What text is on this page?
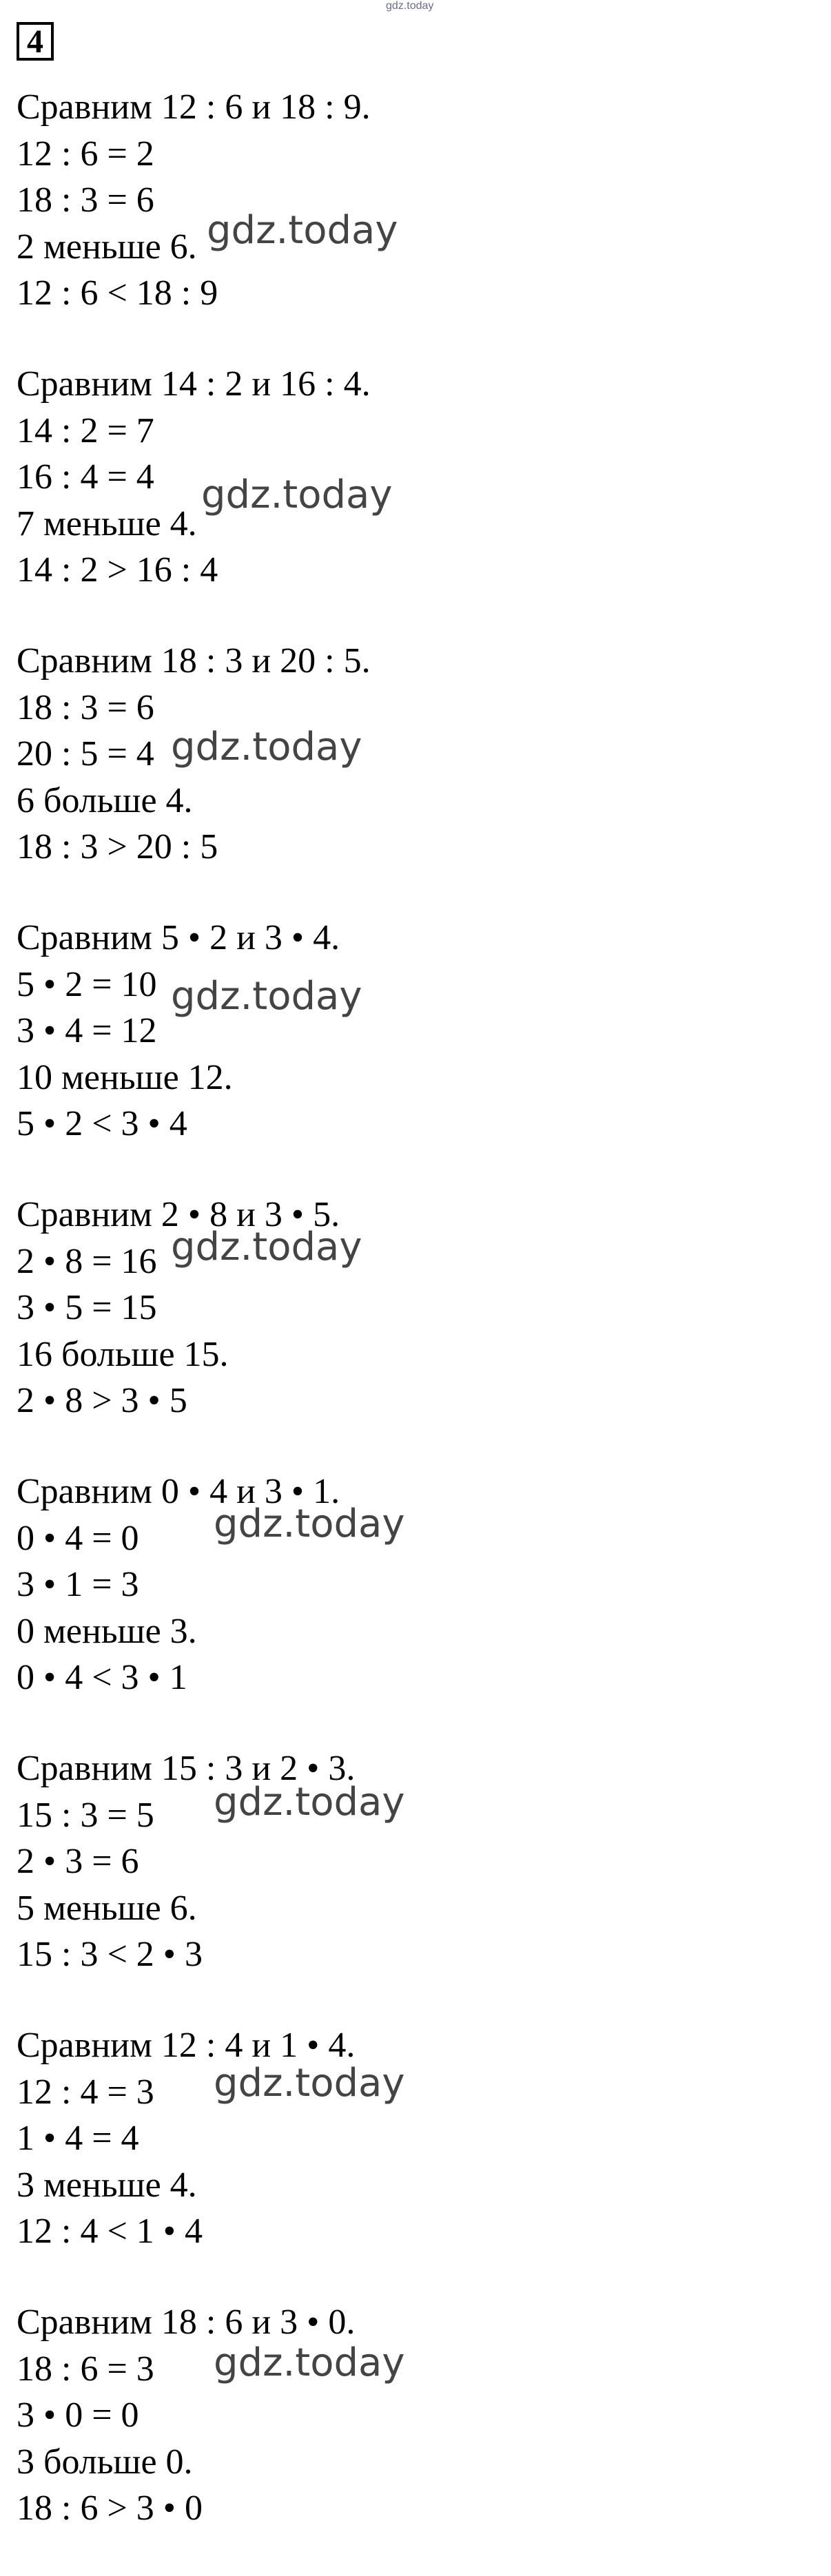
gdz.today
4
Сравним 12 : 6 и 18 : 9.
12 : 6 = 2
18 : 3 = 6
2 меньше 6.
12 : 6 < 18 : 9
Сравним 14 : 2 и 16 : 4.
14 : 2 = 7
16 : 4 = 4
7 меньше 4.
14 : 2 > 16 : 4
Сравним 18 : 3 и 20 : 5.
18 : 3 = 6
20 : 5 = 4
6 больше 4.
18 : 3 > 20 : 5
Сравним 5 • 2 и 3 • 4.
5 • 2 = 10
3 • 4 = 12
10 меньше 12.
5 • 2 < 3 • 4
Сравним 2 • 8 и 3 • 5.
2 • 8 = 16
3 • 5 = 15
16 больше 15.
2 • 8 > 3 • 5
Сравним 0 • 4 и 3 • 1.
0 • 4 = 0
3 • 1 = 3
0 меньше 3.
0 • 4 < 3 • 1
Сравним 15 : 3 и 2 • 3.
15 : 3 = 5
2 • 3 = 6
5 меньше 6.
15 : 3 < 2 • 3
Сравним 12 : 4 и 1 • 4.
12 : 4 = 3
1 • 4 = 4
3 меньше 4.
12 : 4 < 1 • 4
Сравним 18 : 6 и 3 • 0.
18 : 6 = 3
3 • 0 = 0
3 больше 0.
18 : 6 > 3 • 0
gdz.today
gdz.today
gdz.today
gdz.today
gdz.today
gdz.today
gdz.today
gdz.today
gdz.today
